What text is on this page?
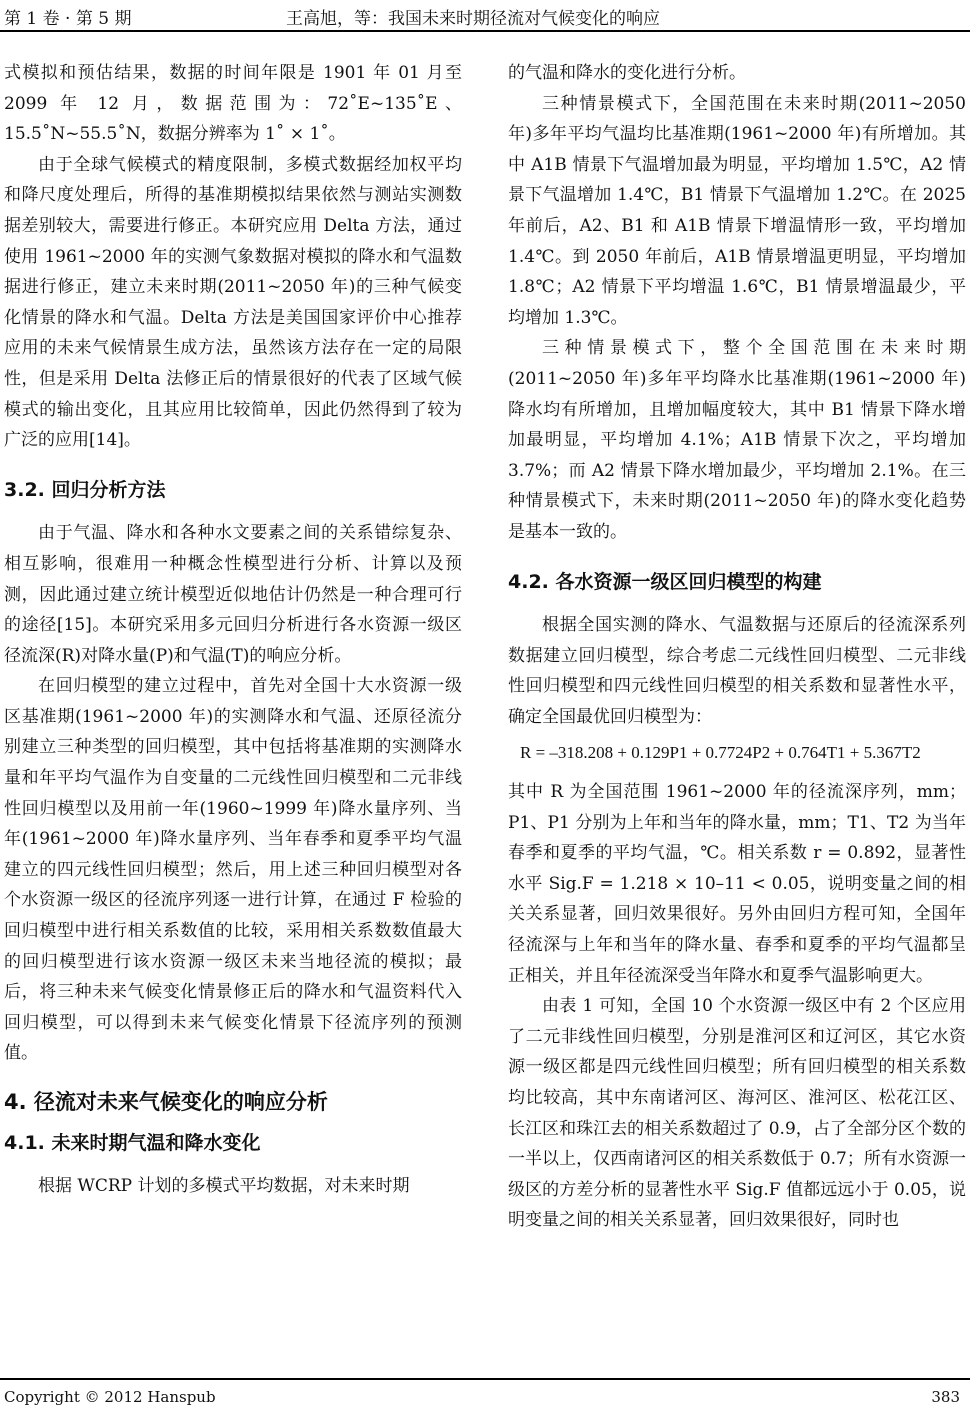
第 1 卷 · 第 5 期	王高旭，等：我国未来时期径流对气候变化的响应

式模拟和预估结果，数据的时间年限是 1901 年 01 月至 2099 年 12 月，数据范围为：72˚E~135˚E、15.5˚N~55.5˚N，数据分辨率为 1˚ × 1˚。

由于全球气候模式的精度限制，多模式数据经加权平均和降尺度处理后，所得的基准期模拟结果依然与测站实测数据差别较大，需要进行修正。本研究应用 Delta 方法，通过使用 1961~2000 年的实测气象数据对模拟的降水和气温数据进行修正，建立未来时期(2011~2050 年)的三种气候变化情景的降水和气温。Delta 方法是美国国家评价中心推荐应用的未来气候情景生成方法，虽然该方法存在一定的局限性，但是采用 Delta 法修正后的情景很好的代表了区域气候模式的输出变化，且其应用比较简单，因此仍然得到了较为广泛的应用[14]。

3.2. 回归分析方法

由于气温、降水和各种水文要素之间的关系错综复杂、相互影响，很难用一种概念性模型进行分析、计算以及预测，因此通过建立统计模型近似地估计仍然是一种合理可行的途径[15]。本研究采用多元回归分析进行各水资源一级区径流深(R)对降水量(P)和气温(T)的响应分析。

在回归模型的建立过程中，首先对全国十大水资源一级区基准期(1961~2000 年)的实测降水和气温、还原径流分别建立三种类型的回归模型，其中包括将基准期的实测降水量和年平均气温作为自变量的二元线性回归模型和二元非线性回归模型以及用前一年(1960~1999 年)降水量序列、当年(1961~2000 年)降水量序列、当年春季和夏季平均气温建立的四元线性回归模型；然后，用上述三种回归模型对各个水资源一级区的径流序列逐一进行计算，在通过 F 检验的回归模型中进行相关系数值的比较，采用相关系数数值最大的回归模型进行该水资源一级区未来当地径流的模拟；最后，将三种未来气候变化情景修正后的降水和气温资料代入回归模型，可以得到未来气候变化情景下径流序列的预测值。

4. 径流对未来气候变化的响应分析
4.1. 未来时期气温和降水变化

根据 WCRP 计划的多模式平均数据，对未来时期

的气温和降水的变化进行分析。

三种情景模式下，全国范围在未来时期(2011~2050 年)多年平均气温均比基准期(1961~2000 年)有所增加。其中 A1B 情景下气温增加最为明显，平均增加 1.5℃，A2 情景下气温增加 1.4℃，B1 情景下气温增加 1.2℃。在 2025 年前后，A2、B1 和 A1B 情景下增温情形一致，平均增加 1.4℃。到 2050 年前后，A1B 情景增温更明显，平均增加 1.8℃；A2 情景下平均增温 1.6℃，B1 情景增温最少，平均增加 1.3℃。

三种情景模式下，整个全国范围在未来时期(2011~2050 年)多年平均降水比基准期(1961~2000 年)降水均有所增加，且增加幅度较大，其中 B1 情景下降水增加最明显，平均增加 4.1%；A1B 情景下次之，平均增加 3.7%；而 A2 情景下降水增加最少，平均增加 2.1%。在三种情景模式下，未来时期(2011~2050 年)的降水变化趋势是基本一致的。

4.2. 各水资源一级区回归模型的构建

根据全国实测的降水、气温数据与还原后的径流深系列数据建立回归模型，综合考虑二元线性回归模型、二元非线性回归模型和四元线性回归模型的相关系数和显著性水平，确定全国最优回归模型为：

R = –318.208 + 0.129P1 + 0.7724P2 + 0.764T1 + 5.367T2

其中 R 为全国范围 1961~2000 年的径流深序列，mm；P1、P1 分别为上年和当年的降水量，mm；T1、T2 为当年春季和夏季的平均气温，℃。相关系数 r = 0.892，显著性水平 Sig.F = 1.218 × 10–11 < 0.05，说明变量之间的相关关系显著，回归效果很好。另外由回归方程可知，全国年径流深与上年和当年的降水量、春季和夏季的平均气温都呈正相关，并且年径流深受当年降水和夏季气温影响更大。

由表 1 可知，全国 10 个水资源一级区中有 2 个区应用了二元非线性回归模型，分别是淮河区和辽河区，其它水资源一级区都是四元线性回归模型；所有回归模型的相关系数均比较高，其中东南诸河区、海河区、淮河区、松花江区、长江区和珠江去的相关系数超过了 0.9，占了全部分区个数的一半以上，仅西南诸河区的相关系数低于 0.7；所有水资源一级区的方差分析的显著性水平 Sig.F 值都远远小于 0.05，说明变量之间的相关关系显著，回归效果很好，同时也

Copyright © 2012 Hanspub	383
